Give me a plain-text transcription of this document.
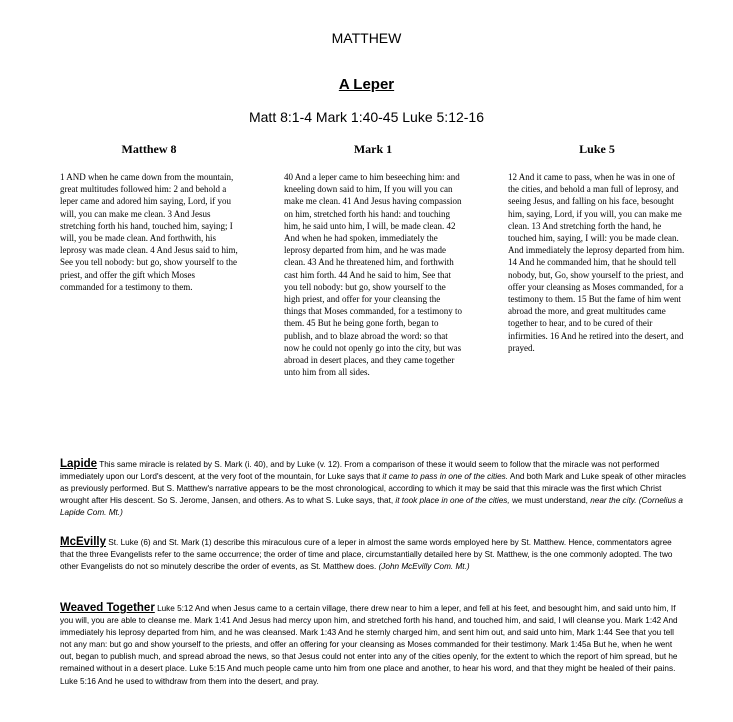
MATTHEW
A Leper
Matt 8:1-4 Mark 1:40-45 Luke 5:12-16
Matthew 8

1 AND when he came down from the mountain, great multitudes followed him: 2 and behold a leper came and adored him saying, Lord, if you will, you can make me clean. 3 And Jesus stretching forth his hand, touched him, saying; I will, you be made clean. And forthwith, his leprosy was made clean. 4 And Jesus said to him, See you tell nobody: but go, show yourself to the priest, and offer the gift which Moses commanded for a testimony to them.

Mark 1

40 And a leper came to him beseeching him: and kneeling down said to him, If you will you can make me clean. 41 And Jesus having compassion on him, stretched forth his hand: and touching him, he said unto him, I will, be made clean. 42 And when he had spoken, immediately the leprosy departed from him, and he was made clean. 43 And he threatened him, and forthwith cast him forth. 44 And he said to him, See that you tell nobody: but go, show yourself to the high priest, and offer for your cleansing the things that Moses commanded, for a testimony to them. 45 But he being gone forth, began to publish, and to blaze abroad the word: so that now he could not openly go into the city, but was abroad in desert places, and they came together unto him from all sides.

Luke 5

12 And it came to pass, when he was in one of the cities, and behold a man full of leprosy, and seeing Jesus, and falling on his face, besought him, saying, Lord, if you will, you can make me clean. 13 And stretching forth the hand, he touched him, saying, I will: you be made clean. And immediately the leprosy departed from him. 14 And he commanded him, that he should tell nobody, but, Go, show yourself to the priest, and offer your cleansing as Moses commanded, for a testimony to them. 15 But the fame of him went abroad the more, and great multitudes came together to hear, and to be cured of their infirmities. 16 And he retired into the desert, and prayed.

Lapide This same miracle is related by S. Mark (i. 40), and by Luke (v. 12). From a comparison of these it would seem to follow that the miracle was not performed immediately upon our Lord's descent, at the very foot of the mountain, for Luke says that it came to pass in one of the cities. And both Mark and Luke speak of other miracles as previously performed. But S. Matthew's narrative appears to be the most chronological, according to which it may be said that this miracle was the first which Christ wrought after His descent. So S. Jerome, Jansen, and others. As to what S. Luke says, that, it took place in one of the cities, we must understand, near the city. (Cornelius a Lapide Com. Mt.)

McEvilly St. Luke (6) and St. Mark (1) describe this miraculous cure of a leper in almost the same words employed here by St. Matthew. Hence, commentators agree that the three Evangelists refer to the same occurrence; the order of time and place, circumstantially detailed here by St. Matthew, is the one commonly adopted. The two other Evangelists do not so minutely describe the order of events, as St. Matthew does. (John McEvilly Com. Mt.)

Weaved Together Luke 5:12 And when Jesus came to a certain village, there drew near to him a leper, and fell at his feet, and besought him, and said unto him, If you will, you are able to cleanse me. Mark 1:41 And Jesus had mercy upon him, and stretched forth his hand, and touched him, and said, I will cleanse you. Mark 1:42 And immediately his leprosy departed from him, and he was cleansed. Mark 1:43 And he sternly charged him, and sent him out, and said unto him, Mark 1:44 See that you tell not any man: but go and show yourself to the priests, and offer an offering for your cleansing as Moses commanded for their testimony. Mark 1:45a But he, when he went out, began to publish much, and spread abroad the news, so that Jesus could not enter into any of the cities openly, for the extent to which the report of him spread, but he remained without in a desert place. Luke 5:15 And much people came unto him from one place and another, to hear his word, and that they might be healed of their pains. Luke 5:16 And he used to withdraw from them into the desert, and pray.
